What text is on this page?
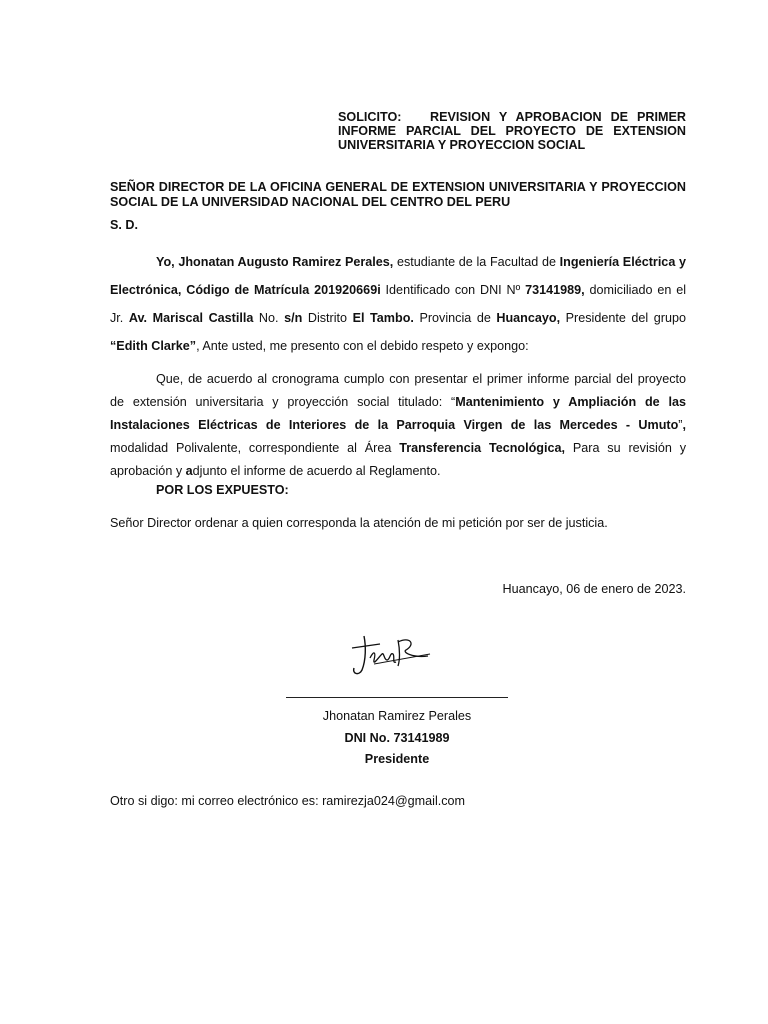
SOLICITO: REVISION Y APROBACION DE PRIMER INFORME PARCIAL DEL PROYECTO DE EXTENSION UNIVERSITARIA Y PROYECCION SOCIAL
SEÑOR DIRECTOR DE LA OFICINA GENERAL DE EXTENSION UNIVERSITARIA Y PROYECCION SOCIAL DE LA UNIVERSIDAD NACIONAL DEL CENTRO DEL PERU
S. D.
Yo, Jhonatan Augusto Ramirez Perales, estudiante de la Facultad de Ingeniería Eléctrica y Electrónica, Código de Matrícula 201920669i Identificado con DNI Nº 73141989, domiciliado en el Jr. Av. Mariscal Castilla No. s/n Distrito El Tambo. Provincia de Huancayo, Presidente del grupo “Edith Clarke”, Ante usted, me presento con el debido respeto y expongo:
Que, de acuerdo al cronograma cumplo con presentar el primer informe parcial del proyecto de extensión universitaria y proyección social titulado: “Mantenimiento y Ampliación de las Instalaciones Eléctricas de Interiores de la Parroquia Virgen de las Mercedes - Umuto”, modalidad Polivalente, correspondiente al Área Transferencia Tecnológica, Para su revisión y aprobación y adjunto el informe de acuerdo al Reglamento.
POR LOS EXPUESTO:
Señor Director ordenar a quien corresponda la atención de mi petición por ser de justicia.
Huancayo, 06 de enero de 2023.
Jhonatan Ramirez Perales
DNI No. 73141989
Presidente
Otro si digo: mi correo electrónico es: ramirezja024@gmail.com
